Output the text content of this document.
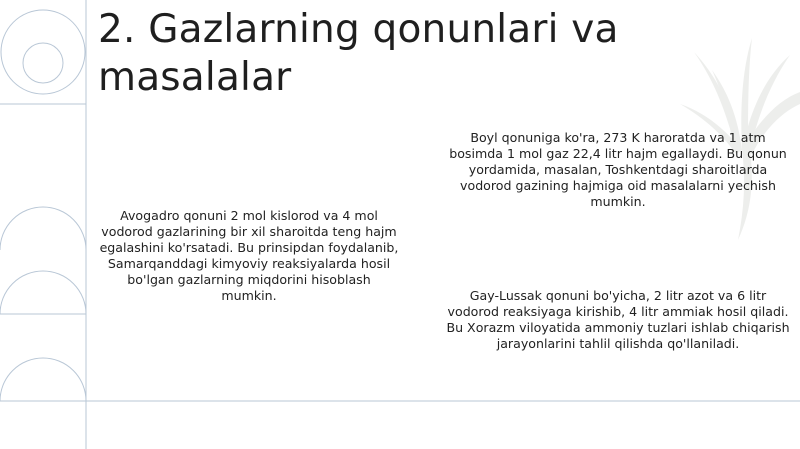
2. Gazlarning qonunlari va masalalar

Avogadro qonuni 2 mol kislorod va 4 mol vodorod gazlarining bir xil sharoitda teng hajm egalashini ko'rsatadi. Bu prinsipdan foydalanib, Samarqanddagi kimyoviy reaksiyalarda hosil bo'lgan gazlarning miqdorini hisoblash mumkin.

Boyl qonuniga ko'ra, 273 K haroratda va 1 atm bosimda 1 mol gaz 22,4 litr hajm egallaydi. Bu qonun yordamida, masalan, Toshkentdagi sharoitlarda vodorod gazining hajmiga oid masalalarni yechish mumkin.

Gay-Lussak qonuni bo'yicha, 2 litr azot va 6 litr vodorod reaksiyaga kirishib, 4 litr ammiak hosil qiladi. Bu Xorazm viloyatida ammoniy tuzlari ishlab chiqarish jarayonlarini tahlil qilishda qo'llaniladi.
